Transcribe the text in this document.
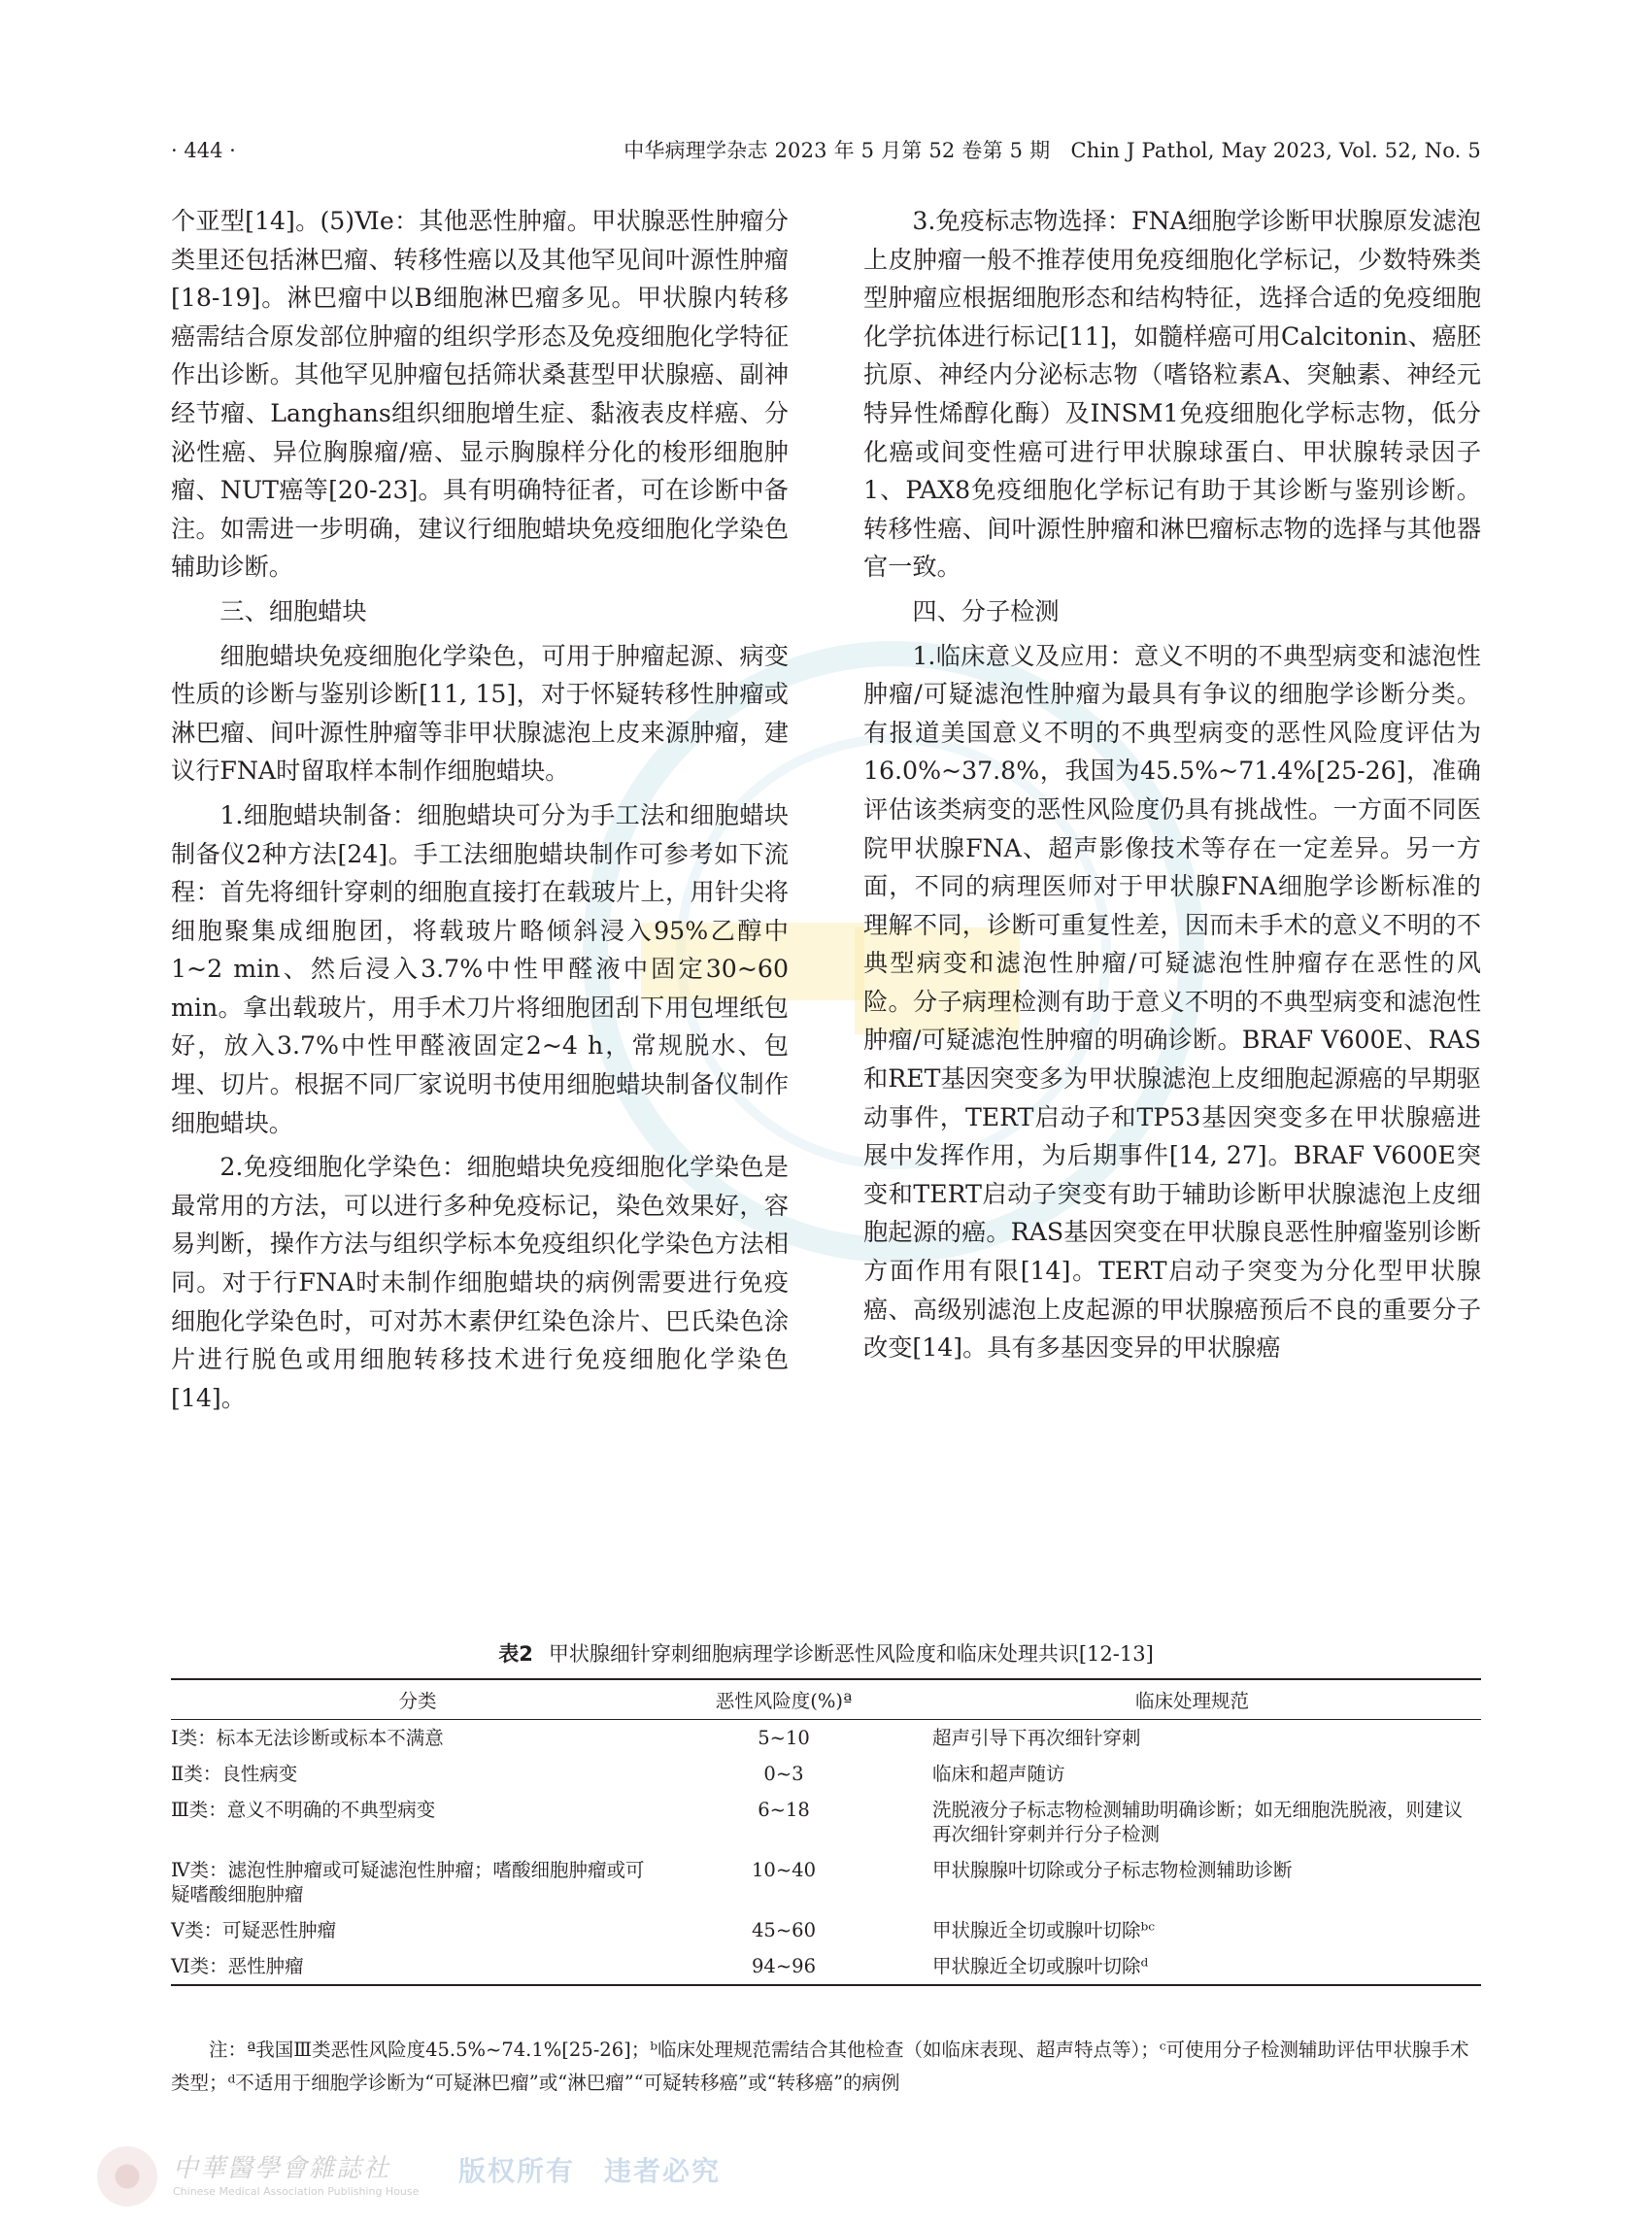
· 444 ·	中华病理学杂志 2023 年 5 月第 52 卷第 5 期　Chin J Pathol, May 2023, Vol. 52, No. 5

个亚型[14]。(5)Ⅵe：其他恶性肿瘤。甲状腺恶性肿瘤分类里还包括淋巴瘤、转移性癌以及其他罕见间叶源性肿瘤[18-19]。淋巴瘤中以B细胞淋巴瘤多见。甲状腺内转移癌需结合原发部位肿瘤的组织学形态及免疫细胞化学特征作出诊断。其他罕见肿瘤包括筛状桑葚型甲状腺癌、副神经节瘤、Langhans组织细胞增生症、黏液表皮样癌、分泌性癌、异位胸腺瘤/癌、显示胸腺样分化的梭形细胞肿瘤、NUT癌等[20-23]。具有明确特征者，可在诊断中备注。如需进一步明确，建议行细胞蜡块免疫细胞化学染色辅助诊断。

三、细胞蜡块

细胞蜡块免疫细胞化学染色，可用于肿瘤起源、病变性质的诊断与鉴别诊断[11, 15]，对于怀疑转移性肿瘤或淋巴瘤、间叶源性肿瘤等非甲状腺滤泡上皮来源肿瘤，建议行FNA时留取样本制作细胞蜡块。

1.细胞蜡块制备：细胞蜡块可分为手工法和细胞蜡块制备仪2种方法[24]。手工法细胞蜡块制作可参考如下流程：首先将细针穿刺的细胞直接打在载玻片上，用针尖将细胞聚集成细胞团，将载玻片略倾斜浸入95%乙醇中1~2 min、然后浸入3.7%中性甲醛液中固定30~60 min。拿出载玻片，用手术刀片将细胞团刮下用包埋纸包好，放入3.7%中性甲醛液固定2~4 h，常规脱水、包埋、切片。根据不同厂家说明书使用细胞蜡块制备仪制作细胞蜡块。

2.免疫细胞化学染色：细胞蜡块免疫细胞化学染色是最常用的方法，可以进行多种免疫标记，染色效果好，容易判断，操作方法与组织学标本免疫组织化学染色方法相同。对于行FNA时未制作细胞蜡块的病例需要进行免疫细胞化学染色时，可对苏木素伊红染色涂片、巴氏染色涂片进行脱色或用细胞转移技术进行免疫细胞化学染色[14]。

3.免疫标志物选择：FNA细胞学诊断甲状腺原发滤泡上皮肿瘤一般不推荐使用免疫细胞化学标记，少数特殊类型肿瘤应根据细胞形态和结构特征，选择合适的免疫细胞化学抗体进行标记[11]，如髓样癌可用Calcitonin、癌胚抗原、神经内分泌标志物（嗜铬粒素A、突触素、神经元特异性烯醇化酶）及INSM1免疫细胞化学标志物，低分化癌或间变性癌可进行甲状腺球蛋白、甲状腺转录因子1、PAX8免疫细胞化学标记有助于其诊断与鉴别诊断。转移性癌、间叶源性肿瘤和淋巴瘤标志物的选择与其他器官一致。

四、分子检测

1.临床意义及应用：意义不明的不典型病变和滤泡性肿瘤/可疑滤泡性肿瘤为最具有争议的细胞学诊断分类。有报道美国意义不明的不典型病变的恶性风险度评估为16.0%~37.8%，我国为45.5%~71.4%[25-26]，准确评估该类病变的恶性风险度仍具有挑战性。一方面不同医院甲状腺FNA、超声影像技术等存在一定差异。另一方面，不同的病理医师对于甲状腺FNA细胞学诊断标准的理解不同，诊断可重复性差，因而未手术的意义不明的不典型病变和滤泡性肿瘤/可疑滤泡性肿瘤存在恶性的风险。分子病理检测有助于意义不明的不典型病变和滤泡性肿瘤/可疑滤泡性肿瘤的明确诊断。BRAF V600E、RAS和RET基因突变多为甲状腺滤泡上皮细胞起源癌的早期驱动事件，TERT启动子和TP53基因突变多在甲状腺癌进展中发挥作用，为后期事件[14, 27]。BRAF V600E突变和TERT启动子突变有助于辅助诊断甲状腺滤泡上皮细胞起源的癌。RAS基因突变在甲状腺良恶性肿瘤鉴别诊断方面作用有限[14]。TERT启动子突变为分化型甲状腺癌、高级别滤泡上皮起源的甲状腺癌预后不良的重要分子改变[14]。具有多基因变异的甲状腺癌

表2 甲状腺细针穿刺细胞病理学诊断恶性风险度和临床处理共识[12-13]
分类	恶性风险度(%)ª	临床处理规范
Ⅰ类：标本无法诊断或标本不满意	5~10	超声引导下再次细针穿刺
Ⅱ类：良性病变	0~3	临床和超声随访
Ⅲ类：意义不明确的不典型病变	6~18	洗脱液分子标志物检测辅助明确诊断；如无细胞洗脱液，则建议再次细针穿刺并行分子检测
Ⅳ类：滤泡性肿瘤或可疑滤泡性肿瘤；嗜酸细胞肿瘤或可疑嗜酸细胞肿瘤	10~40	甲状腺腺叶切除或分子标志物检测辅助诊断
Ⅴ类：可疑恶性肿瘤	45~60	甲状腺近全切或腺叶切除ᵇᶜ
Ⅵ类：恶性肿瘤	94~96	甲状腺近全切或腺叶切除ᵈ
注：ª我国Ⅲ类恶性风险度45.5%~74.1%[25-26]；ᵇ临床处理规范需结合其他检查（如临床表现、超声特点等）；ᶜ可使用分子检测辅助评估甲状腺手术类型；ᵈ不适用于细胞学诊断为“可疑淋巴瘤”或“淋巴瘤”“可疑转移癌”或“转移癌”的病例
中華醫學會雜誌社
Chinese Medical Association Publishing House
版权所有　违者必究
